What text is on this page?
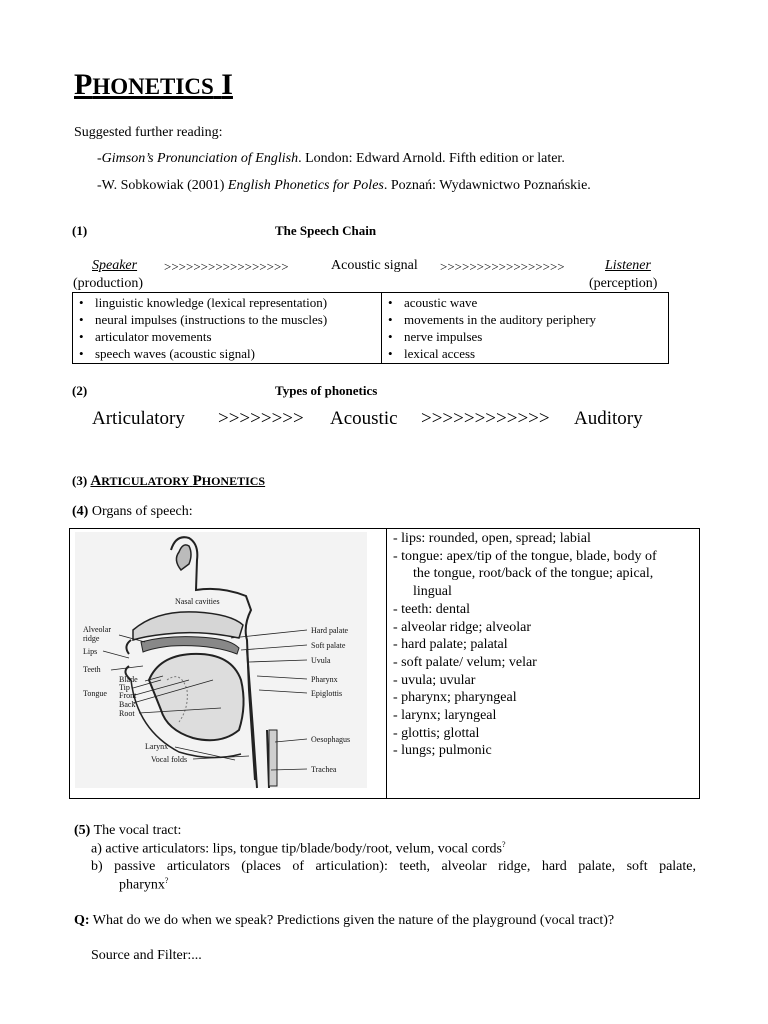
PHONETICS I
Suggested further reading:
-Gimson’s Pronunciation of English. London: Edward Arnold. Fifth edition or later.
-W. Sobkowiak (2001) English Phonetics for Poles. Poznań: Wydawnictwo Poznańskie.
(1)	The Speech Chain
Speaker >>>>>>>>>>>>>>>>>	Acoustic signal >>>>>>>>>>>>>>>>>	Listener
(production)	(perception)
• linguistic knowledge (lexical representation)
• neural impulses (instructions to the muscles)
• articulator movements
• speech waves (acoustic signal)

• acoustic wave
• movements in the auditory periphery
• nerve impulses
• lexical access
(2)	Types of phonetics
Articulatory >>>>>>>> Acoustic >>>>>>>>>>>> Auditory
(3) ARTICULATORY PHONETICS
(4) Organs of speech:
Nasal cavities
Alveolar
ridge
Lips
Teeth
Tongue
Blade
Tip
Front
Back
Root
Larynx
Vocal folds
Hard palate
Soft palate
Uvula
Pharynx
Epiglottis
Oesophagus
Trachea

- lips: rounded, open, spread; labial
- tongue: apex/tip of the tongue, blade, body of
the tongue, root/back of the tongue; apical,
lingual
- teeth: dental
- alveolar ridge; alveolar
- hard palate; palatal
- soft palate/ velum; velar
- uvula; uvular
- pharynx; pharyngeal
- larynx; laryngeal
- glottis; glottal
- lungs; pulmonic
(5) The vocal tract:
a) active articulators: lips, tongue tip/blade/body/root, velum, vocal cords?
b) passive articulators (places of articulation): teeth, alveolar ridge, hard palate, soft palate,
pharynx?
Q: What do we do when we speak? Predictions given the nature of the playground (vocal tract)?
Source and Filter:...
